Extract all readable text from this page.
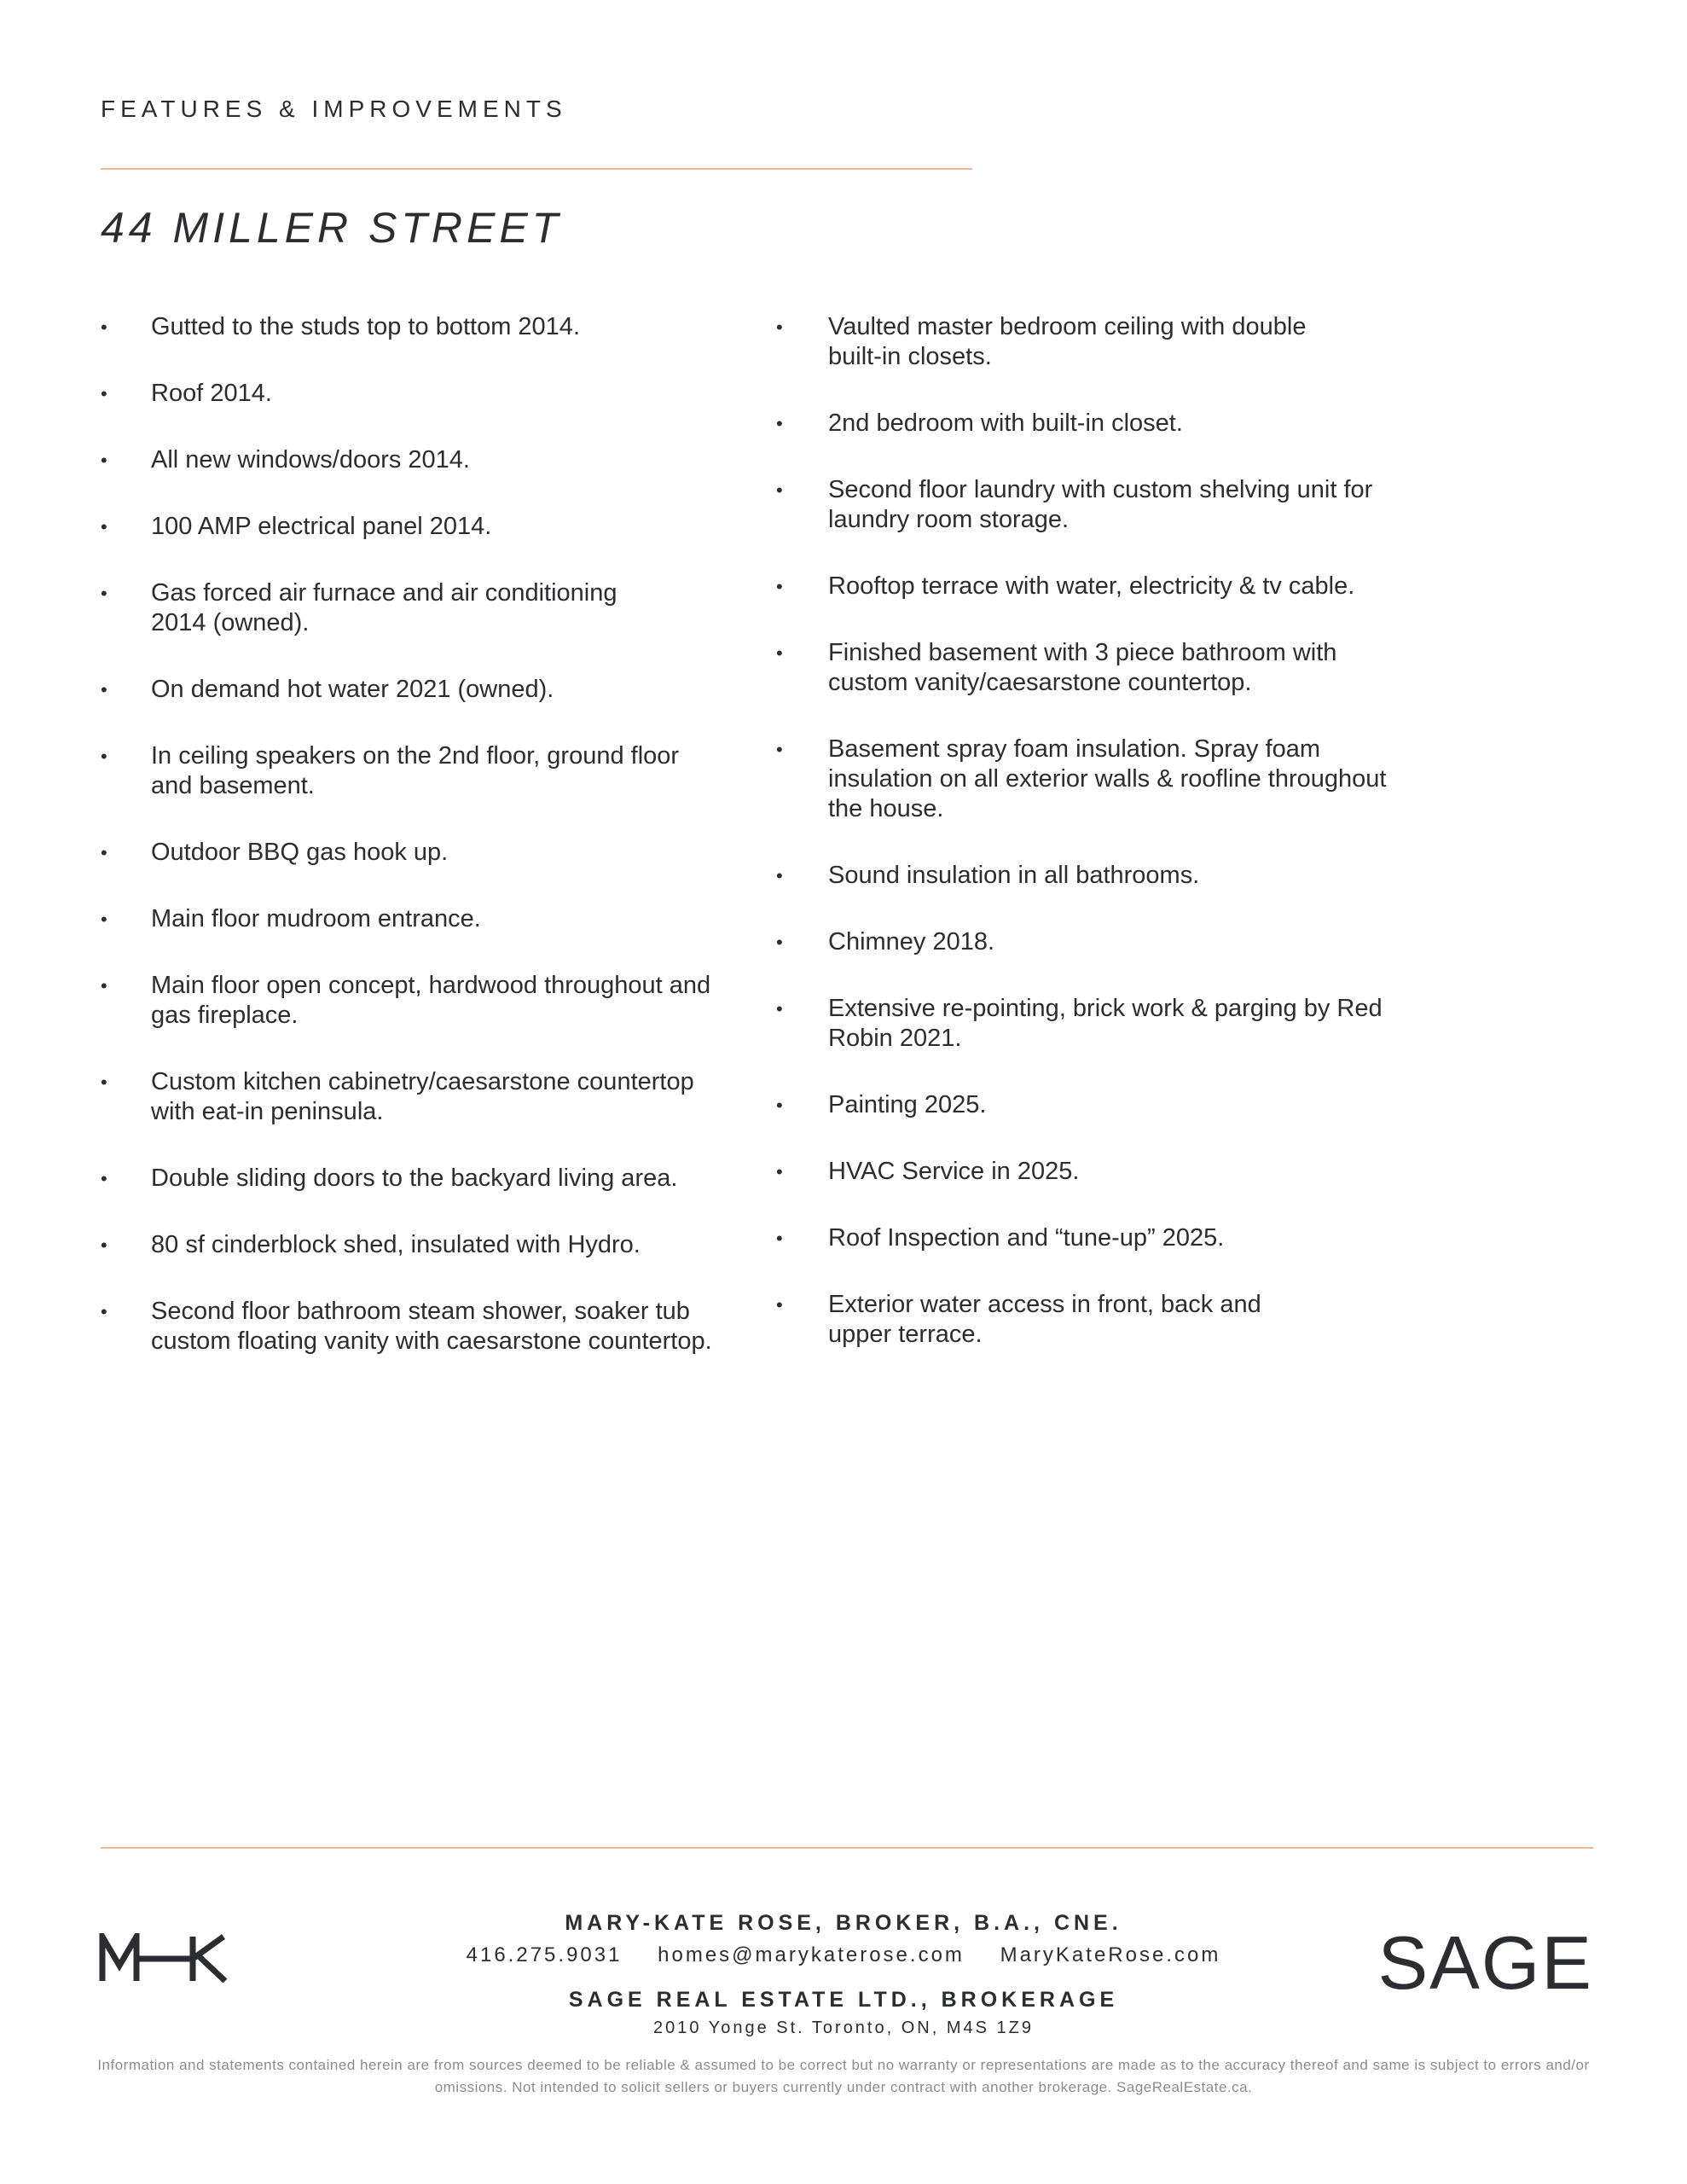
FEATURES & IMPROVEMENTS
44 MILLER STREET
• Gutted to the studs top to bottom 2014.
• Roof 2014.
• All new windows/doors 2014.
• 100 AMP electrical panel 2014.
• Gas forced air furnace and air conditioning
2014 (owned).
• On demand hot water 2021 (owned).
• In ceiling speakers on the 2nd floor, ground floor
and basement.
• Outdoor BBQ gas hook up.
• Main floor mudroom entrance.
• Main floor open concept, hardwood throughout and
gas fireplace.
• Custom kitchen cabinetry/caesarstone countertop
with eat-in peninsula.
• Double sliding doors to the backyard living area.
• 80 sf cinderblock shed, insulated with Hydro.
• Second floor bathroom steam shower, soaker tub
custom floating vanity with caesarstone countertop.
• Vaulted master bedroom ceiling with double
built-in closets.
• 2nd bedroom with built-in closet.
• Second floor laundry with custom shelving unit for
laundry room storage.
• Rooftop terrace with water, electricity & tv cable.
• Finished basement with 3 piece bathroom with
custom vanity/caesarstone countertop.
• Basement spray foam insulation. Spray foam
insulation on all exterior walls & roofline throughout
the house.
• Sound insulation in all bathrooms.
• Chimney 2018.
• Extensive re-pointing, brick work & parging by Red
Robin 2021.
• Painting 2025.
• HVAC Service in 2025.
• Roof Inspection and “tune-up” 2025.
• Exterior water access in front, back and
upper terrace.
SAGE
MARY-KATE ROSE, BROKER, B.A., CNE.
416.275.9031 homes@marykaterose.com MaryKateRose.com
SAGE REAL ESTATE LTD., BROKERAGE
2010 Yonge St. Toronto, ON, M4S 1Z9
Information and statements contained herein are from sources deemed to be reliable & assumed to be correct but no warranty or representations are made as to the accuracy thereof and same is subject to errors and/or omissions. Not intended to solicit sellers or buyers currently under contract with another brokerage. SageRealEstate.ca.
